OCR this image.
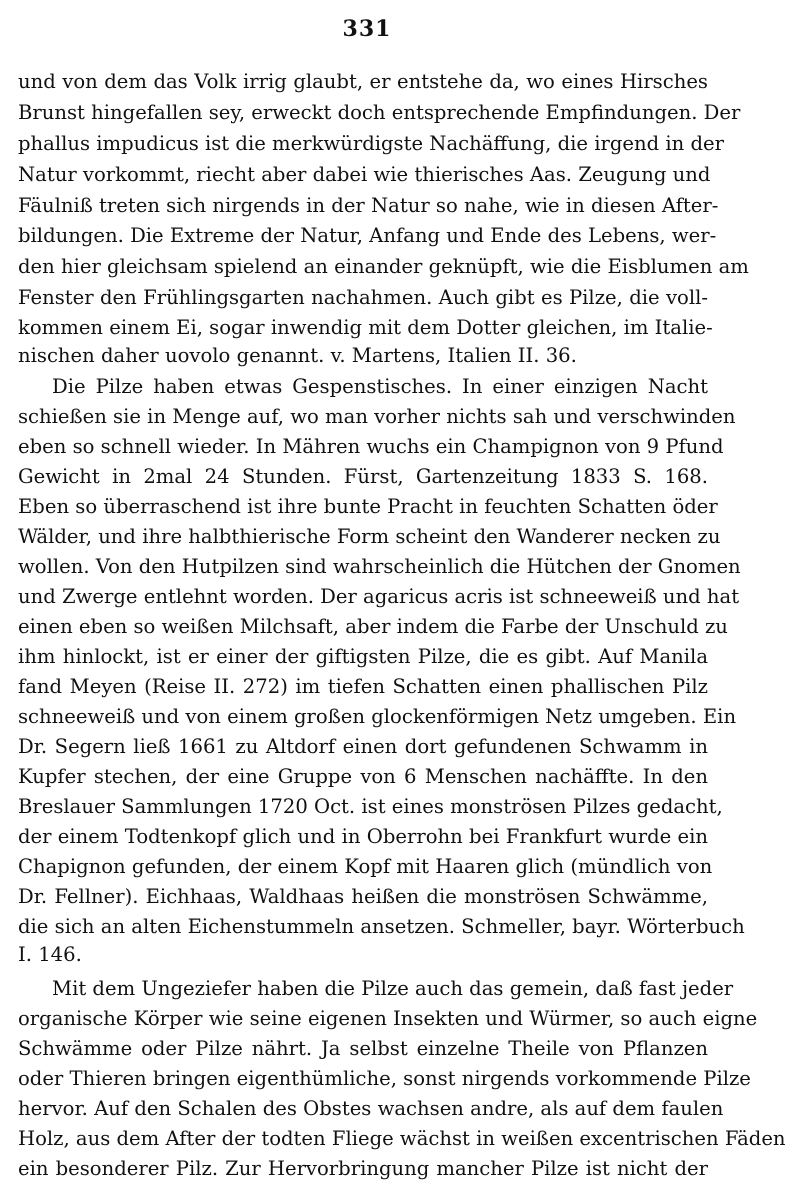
331
und von dem das Volk irrig glaubt, er entstehe da, wo eines Hirsches
Brunst hingefallen sey, erweckt doch entsprechende Empfindungen. Der
phallus impudicus ist die merkwürdigste Nachäffung, die irgend in der
Natur vorkommt, riecht aber dabei wie thierisches Aas. Zeugung und
Fäulniß treten sich nirgends in der Natur so nahe, wie in diesen After-
bildungen. Die Extreme der Natur, Anfang und Ende des Lebens, wer-
den hier gleichsam spielend an einander geknüpft, wie die Eisblumen am
Fenster den Frühlingsgarten nachahmen. Auch gibt es Pilze, die voll-
kommen einem Ei, sogar inwendig mit dem Dotter gleichen, im Italie-
nischen daher uovolo genannt. v. Martens, Italien II. 36.
Die Pilze haben etwas Gespenstisches. In einer einzigen Nacht
schießen sie in Menge auf, wo man vorher nichts sah und verschwinden
eben so schnell wieder. In Mähren wuchs ein Champignon von 9 Pfund
Gewicht in 2mal 24 Stunden. Fürst, Gartenzeitung 1833 S. 168.
Eben so überraschend ist ihre bunte Pracht in feuchten Schatten öder
Wälder, und ihre halbthierische Form scheint den Wanderer necken zu
wollen. Von den Hutpilzen sind wahrscheinlich die Hütchen der Gnomen
und Zwerge entlehnt worden. Der agaricus acris ist schneeweiß und hat
einen eben so weißen Milchsaft, aber indem die Farbe der Unschuld zu
ihm hinlockt, ist er einer der giftigsten Pilze, die es gibt. Auf Manila
fand Meyen (Reise II. 272) im tiefen Schatten einen phallischen Pilz
schneeweiß und von einem großen glockenförmigen Netz umgeben. Ein
Dr. Segern ließ 1661 zu Altdorf einen dort gefundenen Schwamm in
Kupfer stechen, der eine Gruppe von 6 Menschen nachäffte. In den
Breslauer Sammlungen 1720 Oct. ist eines monströsen Pilzes gedacht,
der einem Todtenkopf glich und in Oberrohn bei Frankfurt wurde ein
Chapignon gefunden, der einem Kopf mit Haaren glich (mündlich von
Dr. Fellner). Eichhaas, Waldhaas heißen die monströsen Schwämme,
die sich an alten Eichenstummeln ansetzen. Schmeller, bayr. Wörterbuch
I. 146.
Mit dem Ungeziefer haben die Pilze auch das gemein, daß fast jeder
organische Körper wie seine eigenen Insekten und Würmer, so auch eigne
Schwämme oder Pilze nährt. Ja selbst einzelne Theile von Pflanzen
oder Thieren bringen eigenthümliche, sonst nirgends vorkommende Pilze
hervor. Auf den Schalen des Obstes wachsen andre, als auf dem faulen
Holz, aus dem After der todten Fliege wächst in weißen excentrischen Fäden
ein besonderer Pilz. Zur Hervorbringung mancher Pilze ist nicht der
